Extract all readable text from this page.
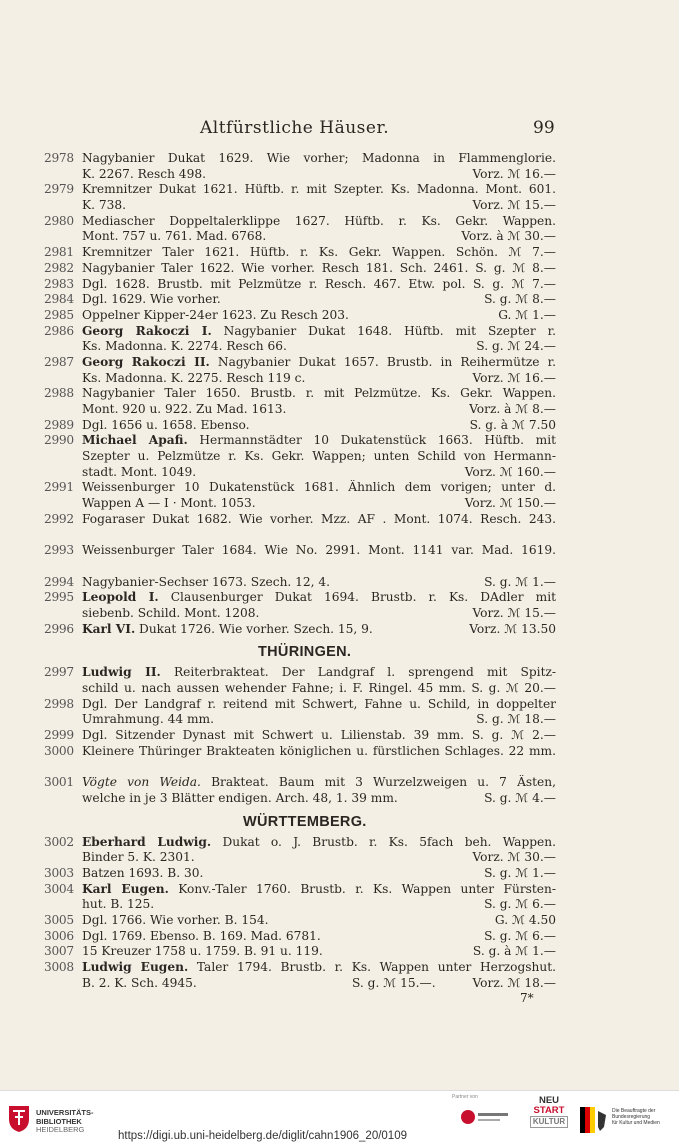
Altfürstliche Häuser.	99
2978 Nagybanier Dukat 1629. Wie vorher; Madonna in Flammenglorie.
K. 2267. Resch 498.	Vorz. ℳ 16.—
2979 Kremnitzer Dukat 1621. Hüftb. r. mit Szepter. Ks. Madonna. Mont. 601.
K. 738.	Vorz. ℳ 15.—
2980 Mediascher Doppeltalerklippe 1627. Hüftb. r. Ks. Gekr. Wappen.
Mont. 757 u. 761. Mad. 6768.	Vorz. à ℳ 30.—
2981 Kremnitzer Taler 1621. Hüftb. r. Ks. Gekr. Wappen. Schön. ℳ 7.—
2982 Nagybanier Taler 1622. Wie vorher. Resch 181. Sch. 2461. S. g. ℳ 8.—
2983 Dgl. 1628. Brustb. mit Pelzmütze r. Resch. 467. Etw. pol. S. g. ℳ 7.—
2984 Dgl. 1629. Wie vorher.	S. g. ℳ 8.—
2985 Oppelner Kipper-24er 1623. Zu Resch 203.	G. ℳ 1.—
2986 Georg Rakoczi I. Nagybanier Dukat 1648. Hüftb. mit Szepter r.
Ks. Madonna. K. 2274. Resch 66.	S. g. ℳ 24.—
2987 Georg Rakoczi II. Nagybanier Dukat 1657. Brustb. in Reihermütze r.
Ks. Madonna. K. 2275. Resch 119 c.	Vorz. ℳ 16.—
2988 Nagybanier Taler 1650. Brustb. r. mit Pelzmütze. Ks. Gekr. Wappen.
Mont. 920 u. 922. Zu Mad. 1613.	Vorz. à ℳ 8.—
2989 Dgl. 1656 u. 1658. Ebenso.	S. g. à ℳ 7.50
2990 Michael Apafi. Hermannstädter 10 Dukatenstück 1663. Hüftb. mit
Szepter u. Pelzmütze r. Ks. Gekr. Wappen; unten Schild von Hermann-
stadt. Mont. 1049.	Vorz. ℳ 160.—
2991 Weissenburger 10 Dukatenstück 1681. Ähnlich dem vorigen; unter d.
Wappen A — I · Mont. 1053.	Vorz. ℳ 150.—
2992 Fogaraser Dukat 1682. Wie vorher. Mzz. AF . Mont. 1074. Resch. 243.
2993 Weissenburger Taler 1684. Wie No. 2991. Mont. 1141 var. Mad. 1619.
2994 Nagybanier-Sechser 1673. Szech. 12, 4.	S. g. ℳ 1.—
2995 Leopold I. Clausenburger Dukat 1694. Brustb. r. Ks. DAdler mit
siebenb. Schild. Mont. 1208.	Vorz. ℳ 15.—
2996 Karl VI. Dukat 1726. Wie vorher. Szech. 15, 9.	Vorz. ℳ 13.50
THÜRINGEN.
2997 Ludwig II. Reiterbrakteat. Der Landgraf l. sprengend mit Spitz-
schild u. nach aussen wehender Fahne; i. F. Ringel. 45 mm. S. g. ℳ 20.—
2998 Dgl. Der Landgraf r. reitend mit Schwert, Fahne u. Schild, in doppelter
Umrahmung. 44 mm.	S. g. ℳ 18.—
2999 Dgl. Sitzender Dynast mit Schwert u. Lilienstab. 39 mm. S. g. ℳ 2.—
3000 Kleinere Thüringer Brakteaten königlichen u. fürstlichen Schlages. 22 mm.
3001 Vögte von Weida. Brakteat. Baum mit 3 Wurzelzweigen u. 7 Ästen,
welche in je 3 Blätter endigen. Arch. 48, 1. 39 mm.	S. g. ℳ 4.—
WÜRTTEMBERG.
3002 Eberhard Ludwig. Dukat o. J. Brustb. r. Ks. 5fach beh. Wappen.
Binder 5. K. 2301.	Vorz. ℳ 30.—
3003 Batzen 1693. B. 30.	S. g. ℳ 1.—
3004 Karl Eugen. Konv.-Taler 1760. Brustb. r. Ks. Wappen unter Fürsten-
hut. B. 125.	S. g. ℳ 6.—
3005 Dgl. 1766. Wie vorher. B. 154.	G. ℳ 4.50
3006 Dgl. 1769. Ebenso. B. 169. Mad. 6781.	S. g. ℳ 6.—
3007 15 Kreuzer 1758 u. 1759. B. 91 u. 119.	S. g. à ℳ 1.—
3008 Ludwig Eugen. Taler 1794. Brustb. r. Ks. Wappen unter Herzogshut.
B. 2. K. Sch. 4945.	S. g. ℳ 15.—.	Vorz. ℳ 18.—
7*
UNIVERSITÄTS-
BIBLIOTHEK
HEIDELBERG
https://digi.ub.uni-heidelberg.de/diglit/cahn1906_20/0109
Partner von	NEU
START
KULTUR
Die Beauftragte der Bundesregierung
für Kultur und Medien
